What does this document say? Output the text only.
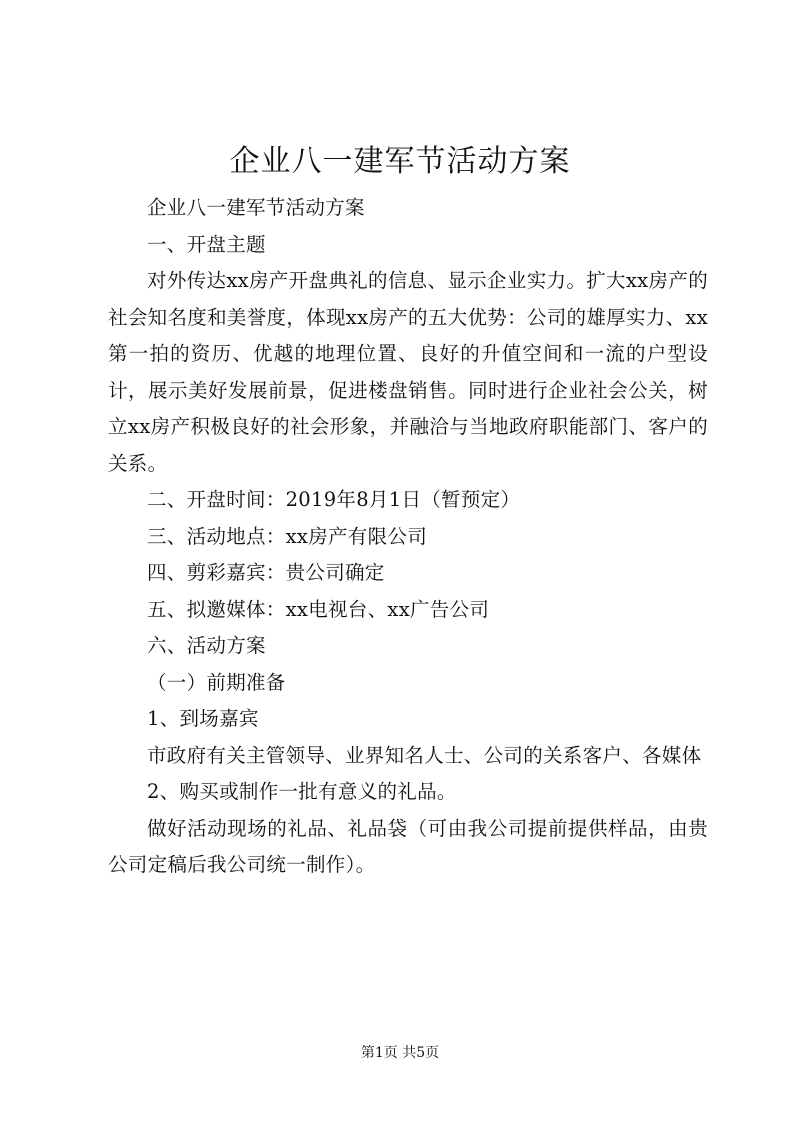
企业八一建军节活动方案

企业八一建军节活动方案

一、开盘主题

对外传达xx房产开盘典礼的信息、显示企业实力。扩大xx房产的社会知名度和美誉度，体现xx房产的五大优势：公司的雄厚实力、xx第一拍的资历、优越的地理位置、良好的升值空间和一流的户型设计，展示美好发展前景，促进楼盘销售。同时进行企业社会公关，树立xx房产积极良好的社会形象，并融洽与当地政府职能部门、客户的关系。

二、开盘时间：2019年8月1日（暂预定）

三、活动地点：xx房产有限公司

四、剪彩嘉宾：贵公司确定

五、拟邀媒体：xx电视台、xx广告公司

六、活动方案

（一）前期准备

1、到场嘉宾

市政府有关主管领导、业界知名人士、公司的关系客户、各媒体

2、购买或制作一批有意义的礼品。

做好活动现场的礼品、礼品袋（可由我公司提前提供样品，由贵公司定稿后我公司统一制作）。

第1页 共5页
